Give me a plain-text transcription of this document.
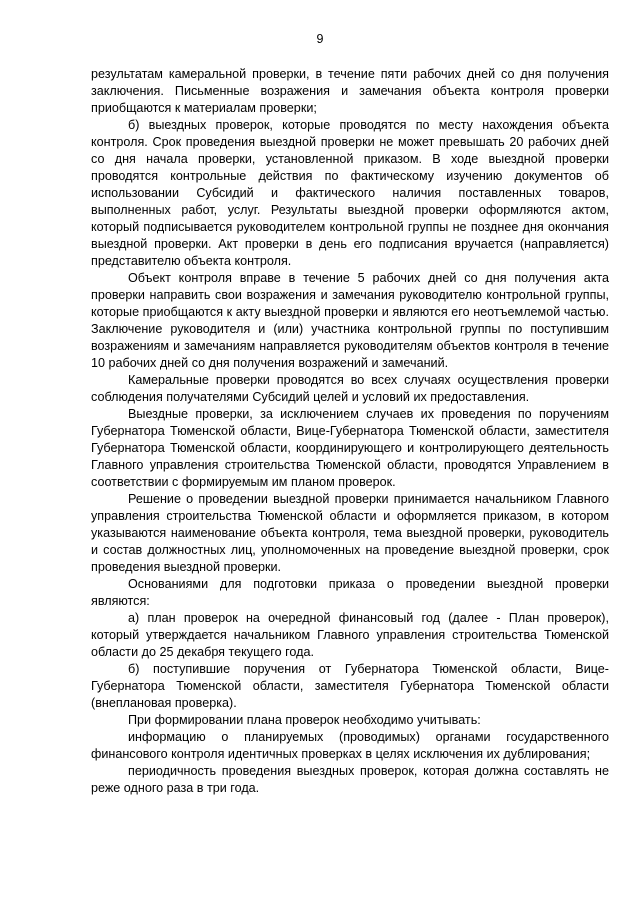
9

результатам камеральной проверки, в течение пяти рабочих дней со дня получения заключения. Письменные возражения и замечания объекта контроля проверки приобщаются к материалам проверки;

б) выездных проверок, которые проводятся по месту нахождения объекта контроля. Срок проведения выездной проверки не может превышать 20 рабочих дней со дня начала проверки, установленной приказом. В ходе выездной проверки проводятся контрольные действия по фактическому изучению документов об использовании Субсидий и фактического наличия поставленных товаров, выполненных работ, услуг. Результаты выездной проверки оформляются актом, который подписывается руководителем контрольной группы не позднее дня окончания выездной проверки. Акт проверки в день его подписания вручается (направляется) представителю объекта контроля.

Объект контроля вправе в течение 5 рабочих дней со дня получения акта проверки направить свои возражения и замечания руководителю контрольной группы, которые приобщаются к акту выездной проверки и являются его неотъемлемой частью. Заключение руководителя и (или) участника контрольной группы по поступившим возражениям и замечаниям направляется руководителям объектов контроля в течение 10 рабочих дней со дня получения возражений и замечаний.

Камеральные проверки проводятся во всех случаях осуществления проверки соблюдения получателями Субсидий целей и условий их предоставления.

Выездные проверки, за исключением случаев их проведения по поручениям Губернатора Тюменской области, Вице-Губернатора Тюменской области, заместителя Губернатора Тюменской области, координирующего и контролирующего деятельность Главного управления строительства Тюменской области, проводятся Управлением в соответствии с формируемым им планом проверок.

Решение о проведении выездной проверки принимается начальником Главного управления строительства Тюменской области и оформляется приказом, в котором указываются наименование объекта контроля, тема выездной проверки, руководитель и состав должностных лиц, уполномоченных на проведение выездной проверки, срок проведения выездной проверки.

Основаниями для подготовки приказа о проведении выездной проверки являются:

а) план проверок на очередной финансовый год (далее - План проверок), который утверждается начальником Главного управления строительства Тюменской области до 25 декабря текущего года.

б) поступившие поручения от Губернатора Тюменской области, Вице-Губернатора Тюменской области, заместителя Губернатора Тюменской области (внеплановая проверка).

При формировании плана проверок необходимо учитывать:

информацию о планируемых (проводимых) органами государственного финансового контроля идентичных проверках в целях исключения их дублирования;

периодичность проведения выездных проверок, которая должна составлять не реже одного раза в три года.
